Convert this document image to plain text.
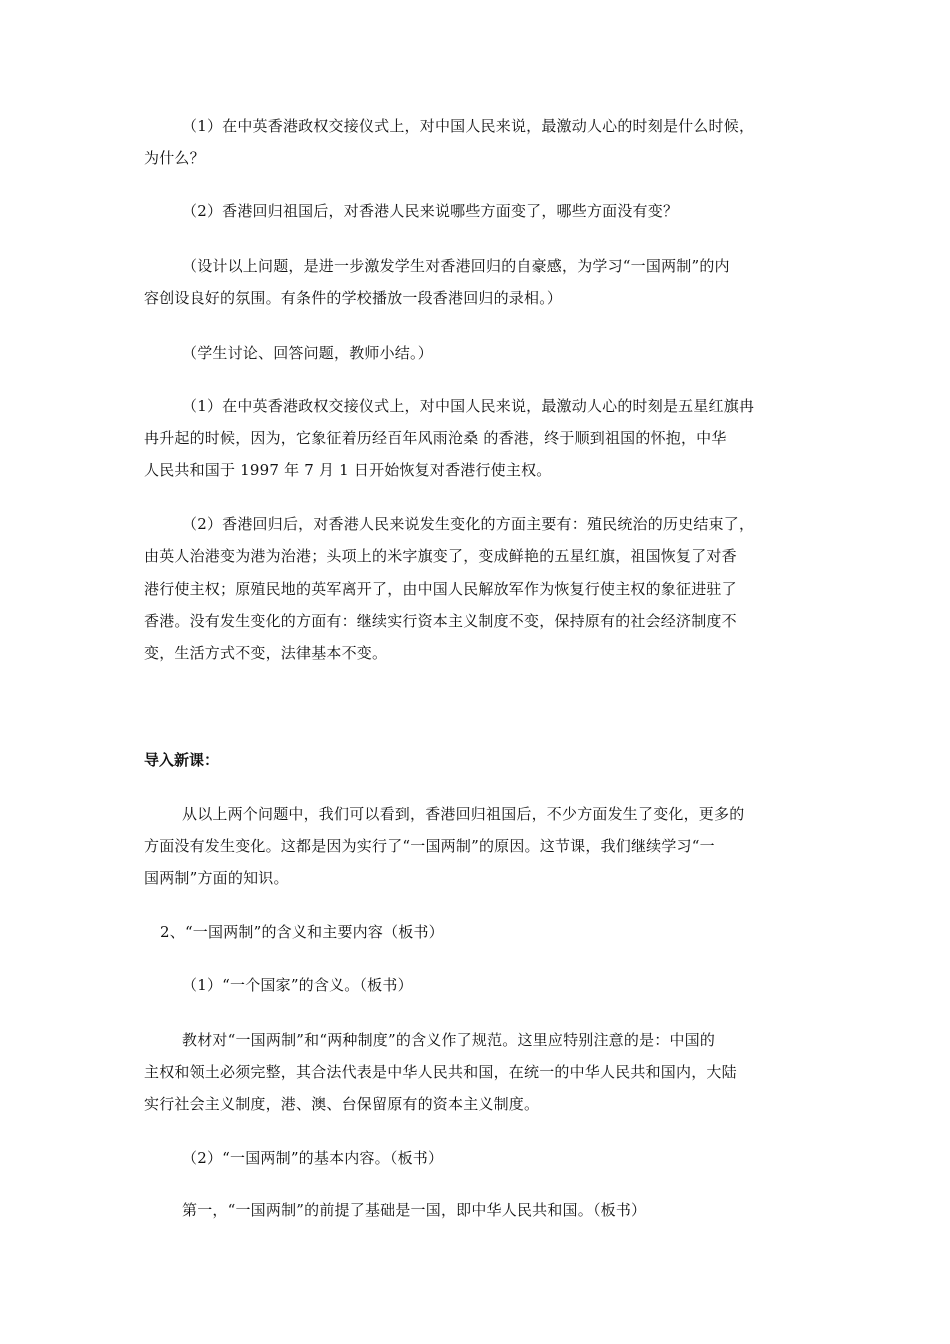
（1）在中英香港政权交接仪式上，对中国人民来说，最激动人心的时刻是什么时候，
为什么？
（2）香港回归祖国后，对香港人民来说哪些方面变了，哪些方面没有变？
（设计以上问题，是进一步激发学生对香港回归的自豪感，为学习“一国两制”的内
容创设良好的氛围。有条件的学校播放一段香港回归的录相。）
（学生讨论、回答问题，教师小结。）
（1）在中英香港政权交接仪式上，对中国人民来说，最激动人心的时刻是五星红旗冉
冉升起的时候，因为，它象征着历经百年风雨沧桑 的香港，终于顺到祖国的怀抱，中华
人民共和国于 1997 年 7 月 1 日开始恢复对香港行使主权。
（2）香港回归后，对香港人民来说发生变化的方面主要有：殖民统治的历史结束了，
由英人治港变为港为治港；头项上的米字旗变了，变成鲜艳的五星红旗，祖国恢复了对香
港行使主权；原殖民地的英军离开了，由中国人民解放军作为恢复行使主权的象征进驻了
香港。没有发生变化的方面有：继续实行资本主义制度不变，保持原有的社会经济制度不
变，生活方式不变，法律基本不变。
导入新课：
从以上两个问题中，我们可以看到，香港回归祖国后，不少方面发生了变化，更多的
方面没有发生变化。这都是因为实行了“一国两制”的原因。这节课，我们继续学习“一
国两制”方面的知识。
2、“一国两制”的含义和主要内容（板书）
（1）“一个国家”的含义。（板书）
教材对“一国两制”和“两种制度”的含义作了规范。这里应特别注意的是：中国的
主权和领土必须完整，其合法代表是中华人民共和国，在统一的中华人民共和国内，大陆
实行社会主义制度，港、澳、台保留原有的资本主义制度。
（2）“一国两制”的基本内容。（板书）
第一，“一国两制”的前提了基础是一国，即中华人民共和国。（板书）
